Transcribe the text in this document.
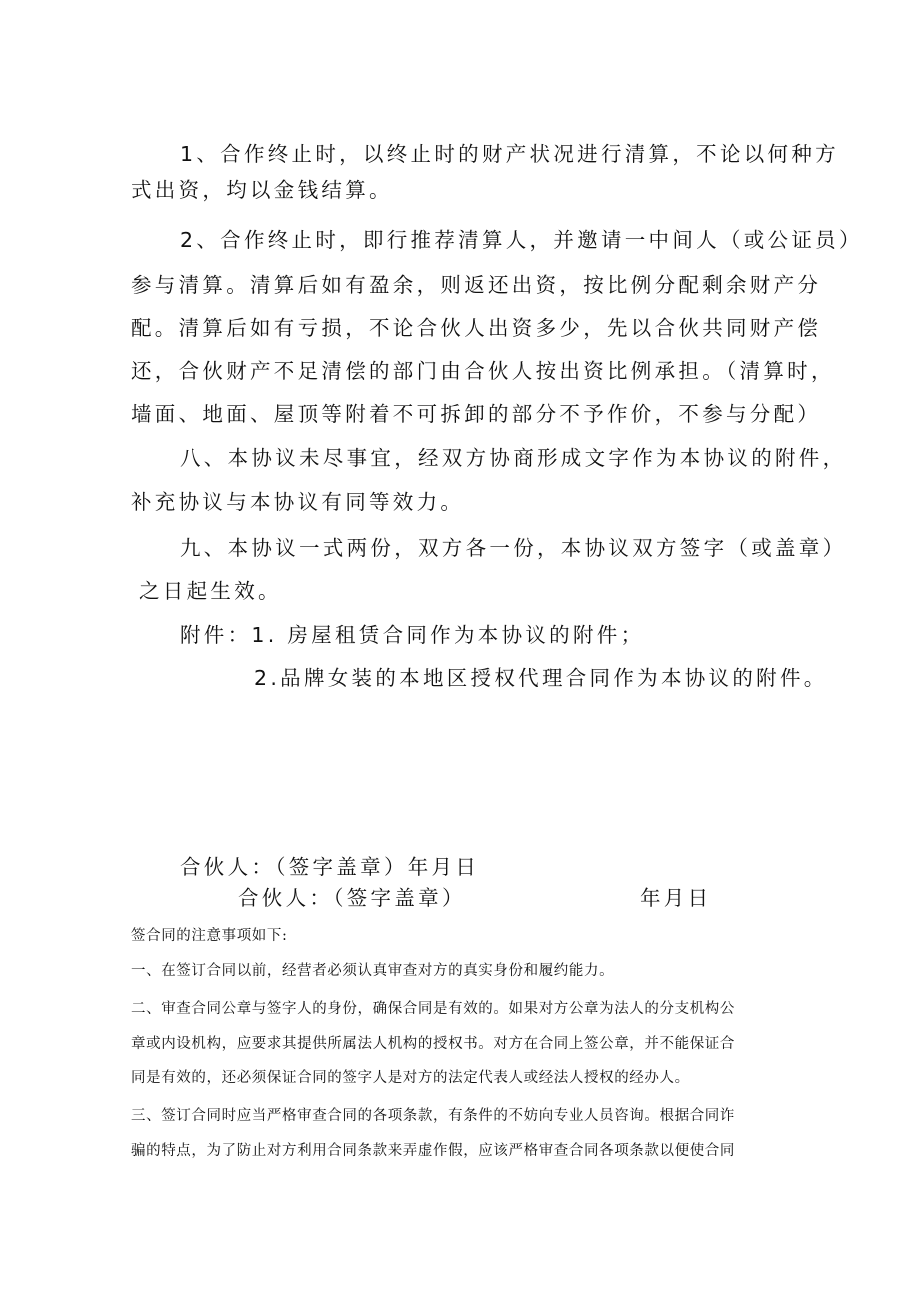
1、合作终止时，以终止时的财产状况进行清算，不论以何种方
式出资，均以金钱结算。
2、合作终止时，即行推荐清算人，并邀请一中间人（或公证员）
参与清算。清算后如有盈余，则返还出资，按比例分配剩余财产分
配。清算后如有亏损，不论合伙人出资多少，先以合伙共同财产偿
还，合伙财产不足清偿的部门由合伙人按出资比例承担。（清算时，
墙面、地面、屋顶等附着不可拆卸的部分不予作价，不参与分配）
八、本协议未尽事宜，经双方协商形成文字作为本协议的附件，
补充协议与本协议有同等效力。
九、本协议一式两份，双方各一份，本协议双方签字（或盖章）
之日起生效。
附件：1. 房屋租赁合同作为本协议的附件；
2.品牌女装的本地区授权代理合同作为本协议的附件。
合伙人：（签字盖章）年月日
合伙人：（签字盖章）	年月日
签合同的注意事项如下:
一、在签订合同以前，经营者必须认真审查对方的真实身份和履约能力。
二、审查合同公章与签字人的身份，确保合同是有效的。如果对方公章为法人的分支机构公
章或内设机构，应要求其提供所属法人机构的授权书。对方在合同上签公章，并不能保证合
同是有效的，还必须保证合同的签字人是对方的法定代表人或经法人授权的经办人。
三、签订合同时应当严格审查合同的各项条款，有条件的不妨向专业人员咨询。根据合同诈
骗的特点，为了防止对方利用合同条款来弄虚作假，应该严格审查合同各项条款以便使合同
